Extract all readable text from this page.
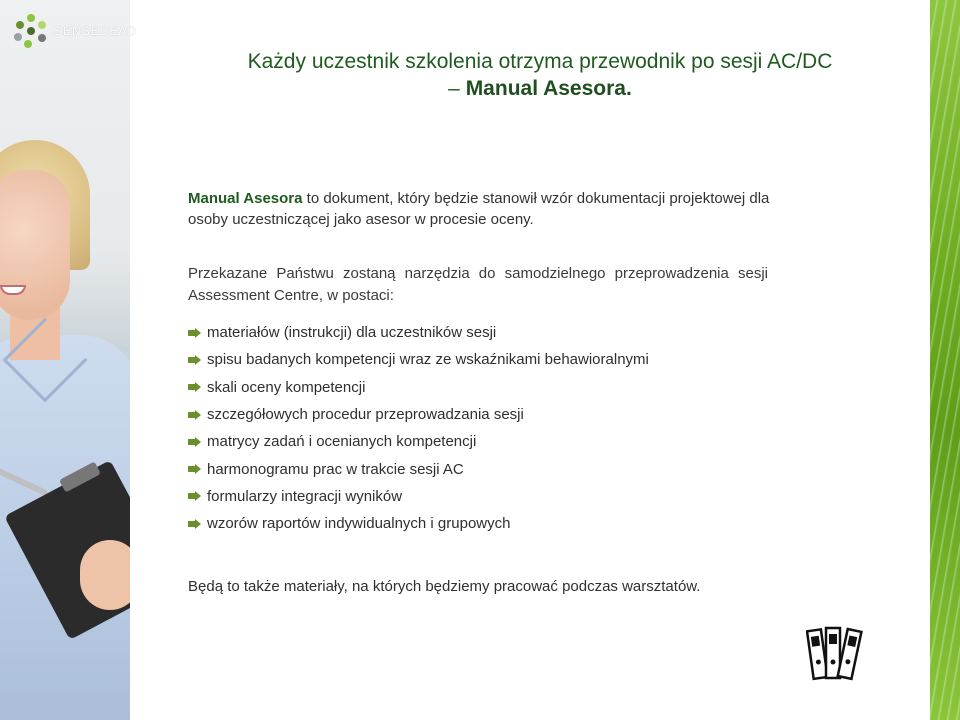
SENSEDEAD
Każdy uczestnik szkolenia otrzyma przewodnik po sesji AC/DC
– Manual Asesora.
Manual Asesora to dokument, który będzie stanowił wzór dokumentacji projektowej dla osoby uczestniczącej jako asesor w procesie oceny.
Przekazane Państwu zostaną narzędzia do samodzielnego przeprowadzenia sesji Assessment Centre, w postaci:
materiałów (instrukcji) dla uczestników sesji
spisu badanych kompetencji wraz ze wskaźnikami behawioralnymi
skali oceny kompetencji
szczegółowych procedur przeprowadzania sesji
matrycy zadań i ocenianych kompetencji
harmonogramu prac w trakcie sesji AC
formularzy integracji wyników
wzorów raportów indywidualnych i grupowych
Będą to także materiały, na których będziemy pracować podczas warsztatów.
